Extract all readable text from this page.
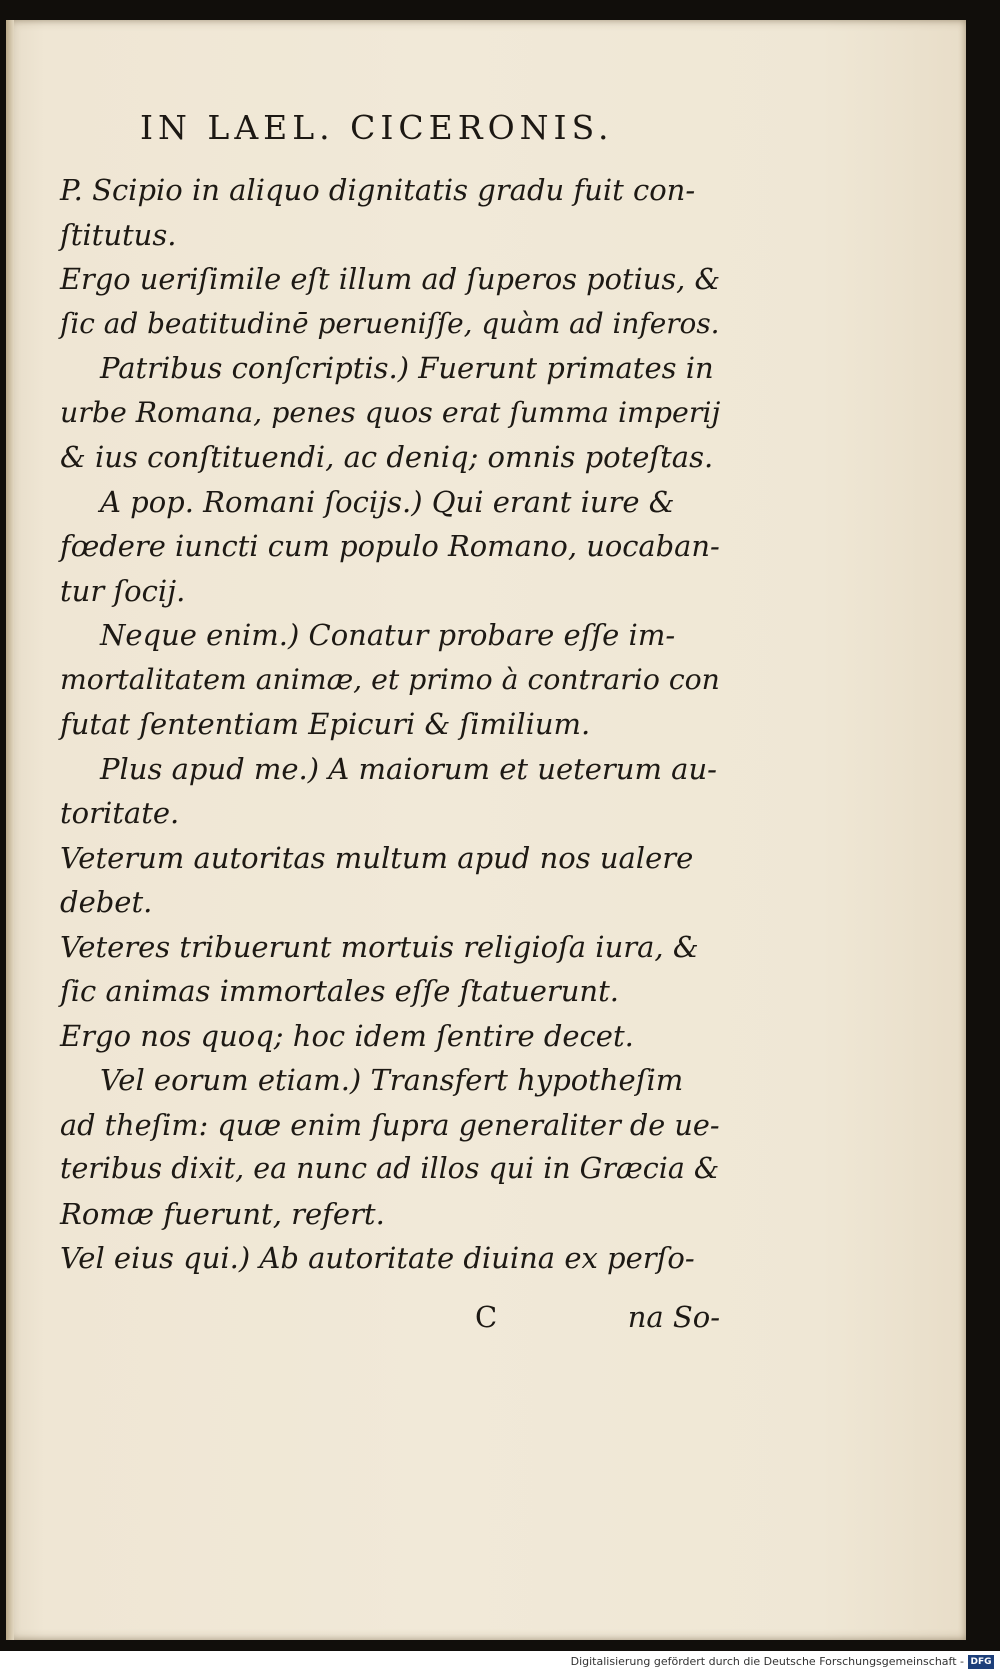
IN LAEL. CICERONIS.
P. Scipio in aliquo dignitatis gradu fuit con-
ſtitutus.
Ergo ueriſimile eſt illum ad ſuperos potius, &
ſic ad beatitudinē perueniſſe, quàm ad inferos.
Patribus conſcriptis.) Fuerunt primates in
urbe Romana, penes quos erat ſumma imperij
& ius conſtituendi, ac deniq; omnis poteſtas.
A pop. Romani ſocijs.) Qui erant iure &
fœdere iuncti cum populo Romano, uocaban-
tur ſocij.
Neque enim.) Conatur probare eſſe im-
mortalitatem animæ, et primo à contrario con
futat ſententiam Epicuri & ſimilium.
Plus apud me.) A maiorum et ueterum au-
toritate.
Veterum autoritas multum apud nos ualere
debet.
Veteres tribuerunt mortuis religioſa iura, &
ſic animas immortales eſſe ſtatuerunt.
Ergo nos quoq; hoc idem ſentire decet.
Vel eorum etiam.) Transfert hypotheſim
ad theſim: quæ enim ſupra generaliter de ue-
teribus dixit, ea nunc ad illos qui in Græcia &
Romæ fuerunt, refert.
Vel eius qui.) Ab autoritate diuina ex perſo-
C	na So-
Digitalisierung gefördert durch die Deutsche Forschungsgemeinschaft - DFG
